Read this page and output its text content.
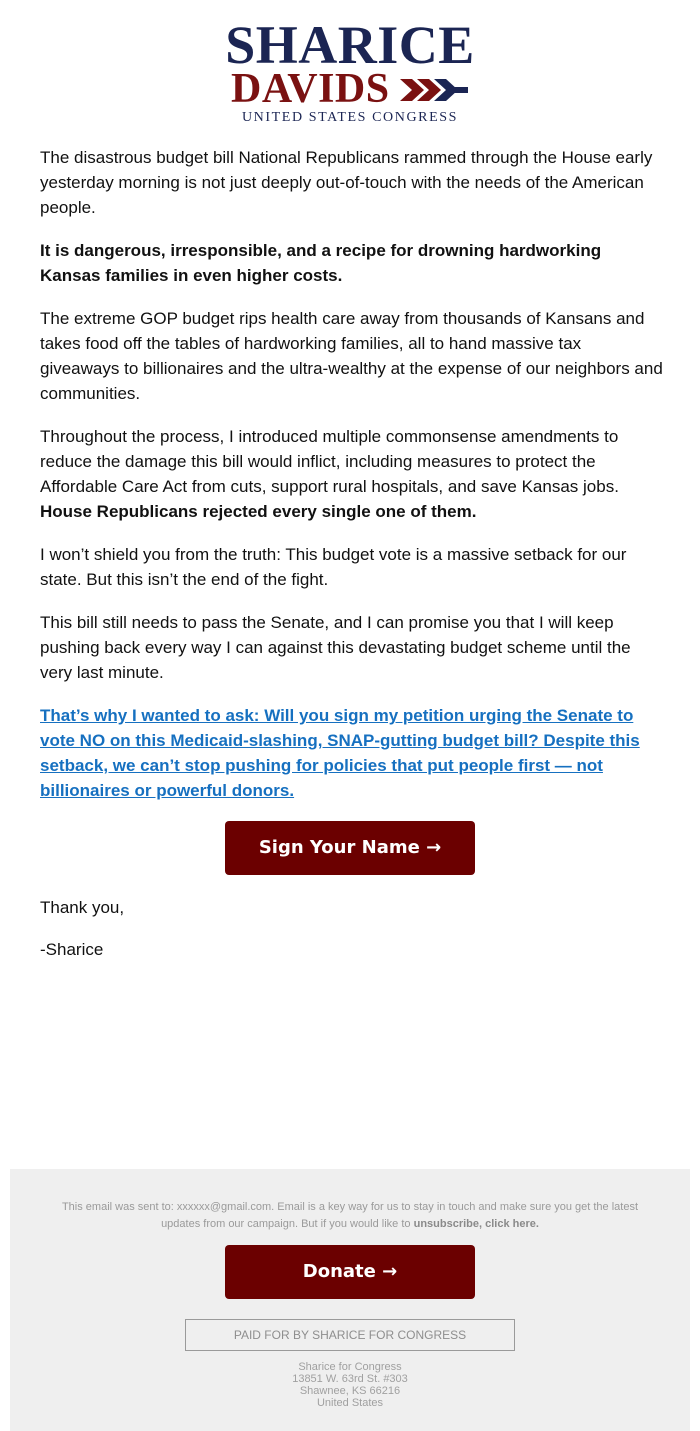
SHARICE
DAVIDS
UNITED STATES CONGRESS

The disastrous budget bill National Republicans rammed through the House early yesterday morning is not just deeply out-of-touch with the needs of the American people.

It is dangerous, irresponsible, and a recipe for drowning hardworking Kansas families in even higher costs.

The extreme GOP budget rips health care away from thousands of Kansans and takes food off the tables of hardworking families, all to hand massive tax giveaways to billionaires and the ultra-wealthy at the expense of our neighbors and communities.

Throughout the process, I introduced multiple commonsense amendments to reduce the damage this bill would inflict, including measures to protect the Affordable Care Act from cuts, support rural hospitals, and save Kansas jobs. House Republicans rejected every single one of them.

I won’t shield you from the truth: This budget vote is a massive setback for our state. But this isn’t the end of the fight.

This bill still needs to pass the Senate, and I can promise you that I will keep pushing back every way I can against this devastating budget scheme until the very last minute.

That’s why I wanted to ask: Will you sign my petition urging the Senate to vote NO on this Medicaid-slashing, SNAP-gutting budget bill? Despite this setback, we can’t stop pushing for policies that put people first — not billionaires or powerful donors.

Sign Your Name →
Thank you,
-Sharice
This email was sent to: xxxxxx@gmail.com. Email is a key way for us to stay in touch and make sure you get the latest updates from our campaign. But if you would like to unsubscribe, click here.
Donate →
PAID FOR BY SHARICE FOR CONGRESS
Sharice for Congress
13851 W. 63rd St. #303
Shawnee, KS 66216
United States
